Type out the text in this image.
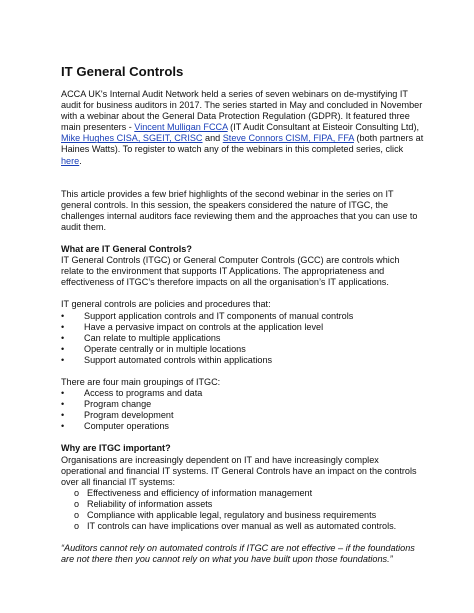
IT General Controls

ACCA UK's Internal Audit Network held a series of seven webinars on de-mystifying IT audit for business auditors in 2017. The series started in May and concluded in November with a webinar about the General Data Protection Regulation (GDPR). It featured three main presenters - Vincent Mulligan FCCA (IT Audit Consultant at Eisteoir Consulting Ltd), Mike Hughes CISA, SGEIT, CRISC and Steve Connors CISM, FIPA, FFA (both partners at Haines Watts). To register to watch any of the webinars in this completed series, click here.

This article provides a few brief highlights of the second webinar in the series on IT general controls. In this session, the speakers considered the nature of ITGC, the challenges internal auditors face reviewing them and the approaches that you can use to audit them.

What are IT General Controls?

IT General Controls (ITGC) or General Computer Controls (GCC) are controls which relate to the environment that supports IT Applications. The appropriateness and effectiveness of ITGC’s therefore impacts on all the organisation’s IT applications.

IT general controls are policies and procedures that:

•	Support application controls and IT components of manual controls
•	Have a pervasive impact on controls at the application level
•	Can relate to multiple applications
•	Operate centrally or in multiple locations
•	Support automated controls within applications

There are four main groupings of ITGC:

•	Access to programs and data
•	Program change
•	Program development
•	Computer operations
Why are ITGC important?

Organisations are increasingly dependent on IT and have increasingly complex operational and financial IT systems. IT General Controls have an impact on the controls over all financial IT systems:

o Effectiveness and efficiency of information management
o Reliability of information assets
o Compliance with applicable legal, regulatory and business requirements
o IT controls can have implications over manual as well as automated controls.

“Auditors cannot rely on automated controls if ITGC are not effective – if the foundations are not there then you cannot rely on what you have built upon those foundations.”
